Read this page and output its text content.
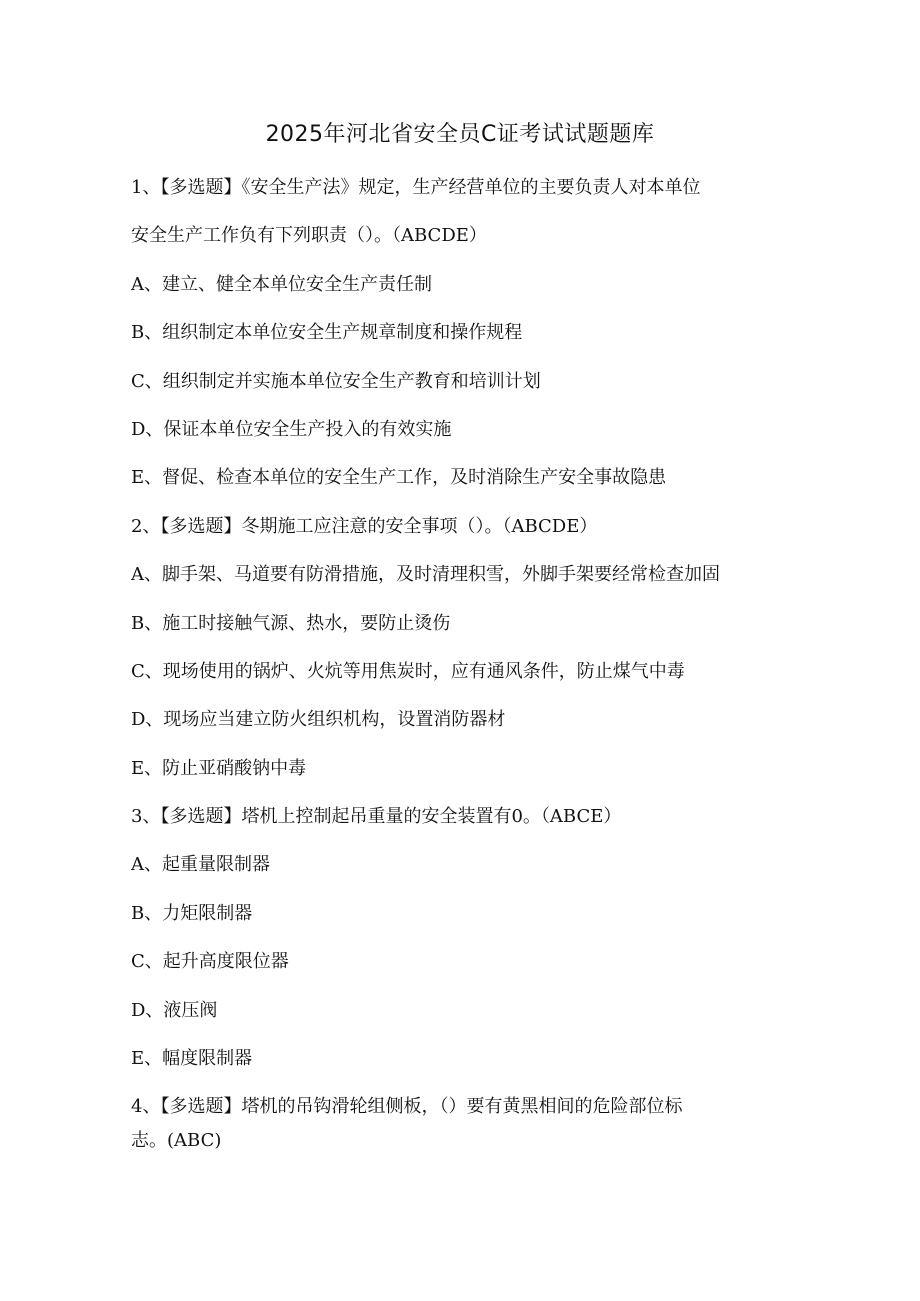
2025年河北省安全员C证考试试题题库
1、【多选题】《安全生产法》规定，生产经营单位的主要负责人对本单位
安全生产工作负有下列职责（）。（ABCDE）
A、建立、健全本单位安全生产责任制
B、组织制定本单位安全生产规章制度和操作规程
C、组织制定并实施本单位安全生产教育和培训计划
D、保证本单位安全生产投入的有效实施
E、督促、检查本单位的安全生产工作，及时消除生产安全事故隐患
2、【多选题】冬期施工应注意的安全事项（）。（ABCDE）
A、脚手架、马道要有防滑措施，及时清理积雪，外脚手架要经常检查加固
B、施工时接触气源、热水，要防止烫伤
C、现场使用的锅炉、火炕等用焦炭时，应有通风条件，防止煤气中毒
D、现场应当建立防火组织机构，设置消防器材
E、防止亚硝酸钠中毒
3、【多选题】塔机上控制起吊重量的安全装置有0。（ABCE）
A、起重量限制器
B、力矩限制器
C、起升高度限位器
D、液压阀
E、幅度限制器
4、【多选题】塔机的吊钩滑轮组侧板，（）要有黄黑相间的危险部位标
志。(ABC)
